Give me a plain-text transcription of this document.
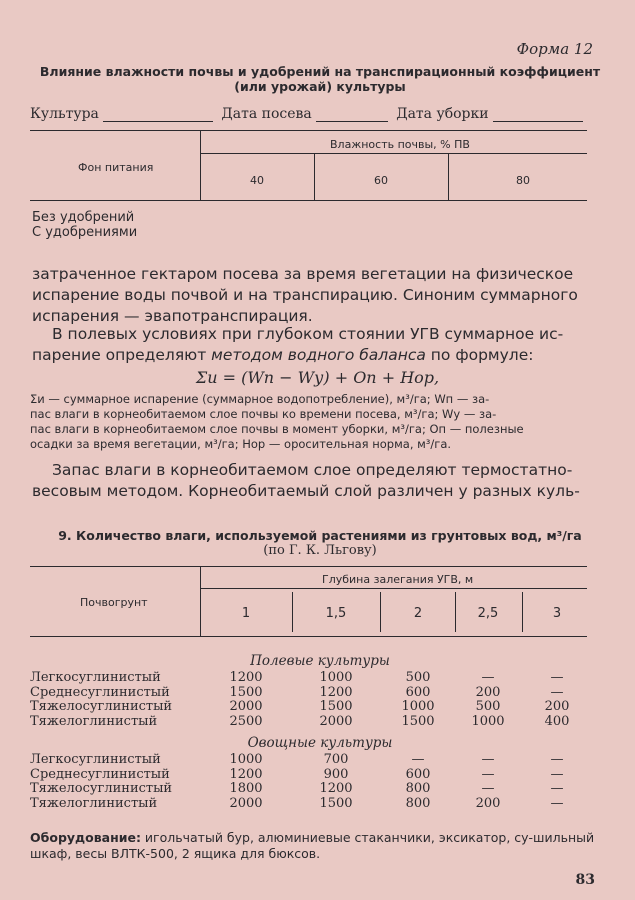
Форма 12
Влияние влажности почвы и удобрений на транспирационный коэффициент
(или урожай) культуры
Культура	Дата посева	Дата уборки
Влажность почвы, % ПВ
Фон питания
40	60	80
Без удобрений
С удобрениями
затраченное гектаром посева за время вегетации на физическое
испарение воды почвой и на транспирацию. Синоним суммарного
испарения — эвапотранспирация.
В полевых условиях при глубоком стоянии УГВ суммарное ис-
парение определяют методом водного баланса по формуле:
Σи = (Wп − Wу) + Оп + Нор,
Σи — суммарное испарение (суммарное водопотребление), м³/га; Wп — за-
пас влаги в корнеобитаемом слое почвы ко времени посева, м³/га; Wу — за-
пас влаги в корнеобитаемом слое почвы в момент уборки, м³/га; Оп — полезные
осадки за время вегетации, м³/га; Нор — оросительная норма, м³/га.
Запас влаги в корнеобитаемом слое определяют термостатно-
весовым методом. Корнеобитаемый слой различен у разных куль-
9. Количество влаги, используемой растениями из грунтовых вод, м³/га
(по Г. К. Льгову)
Глубина залегания УГВ, м
Почвогрунт
1	1,5	2	2,5	3
Полевые культуры
Легкосуглинистый	1200	1000	500	—	—
Среднесуглинистый	1500	1200	600	200	—
Тяжелосуглинистый	2000	1500	1000	500	200
Тяжелоглинистый	2500	2000	1500	1000	400
Овощные культуры
Легкосуглинистый	1000	700	—	—	—
Среднесуглинистый	1200	900	600	—	—
Тяжелосуглинистый	1800	1200	800	—	—
Тяжелоглинистый	2000	1500	800	200	—
Оборудование: игольчатый бур, алюминиевые стаканчики, эксикатор, су-шильный шкаф, весы ВЛТК-500, 2 ящика для бюксов.
83
